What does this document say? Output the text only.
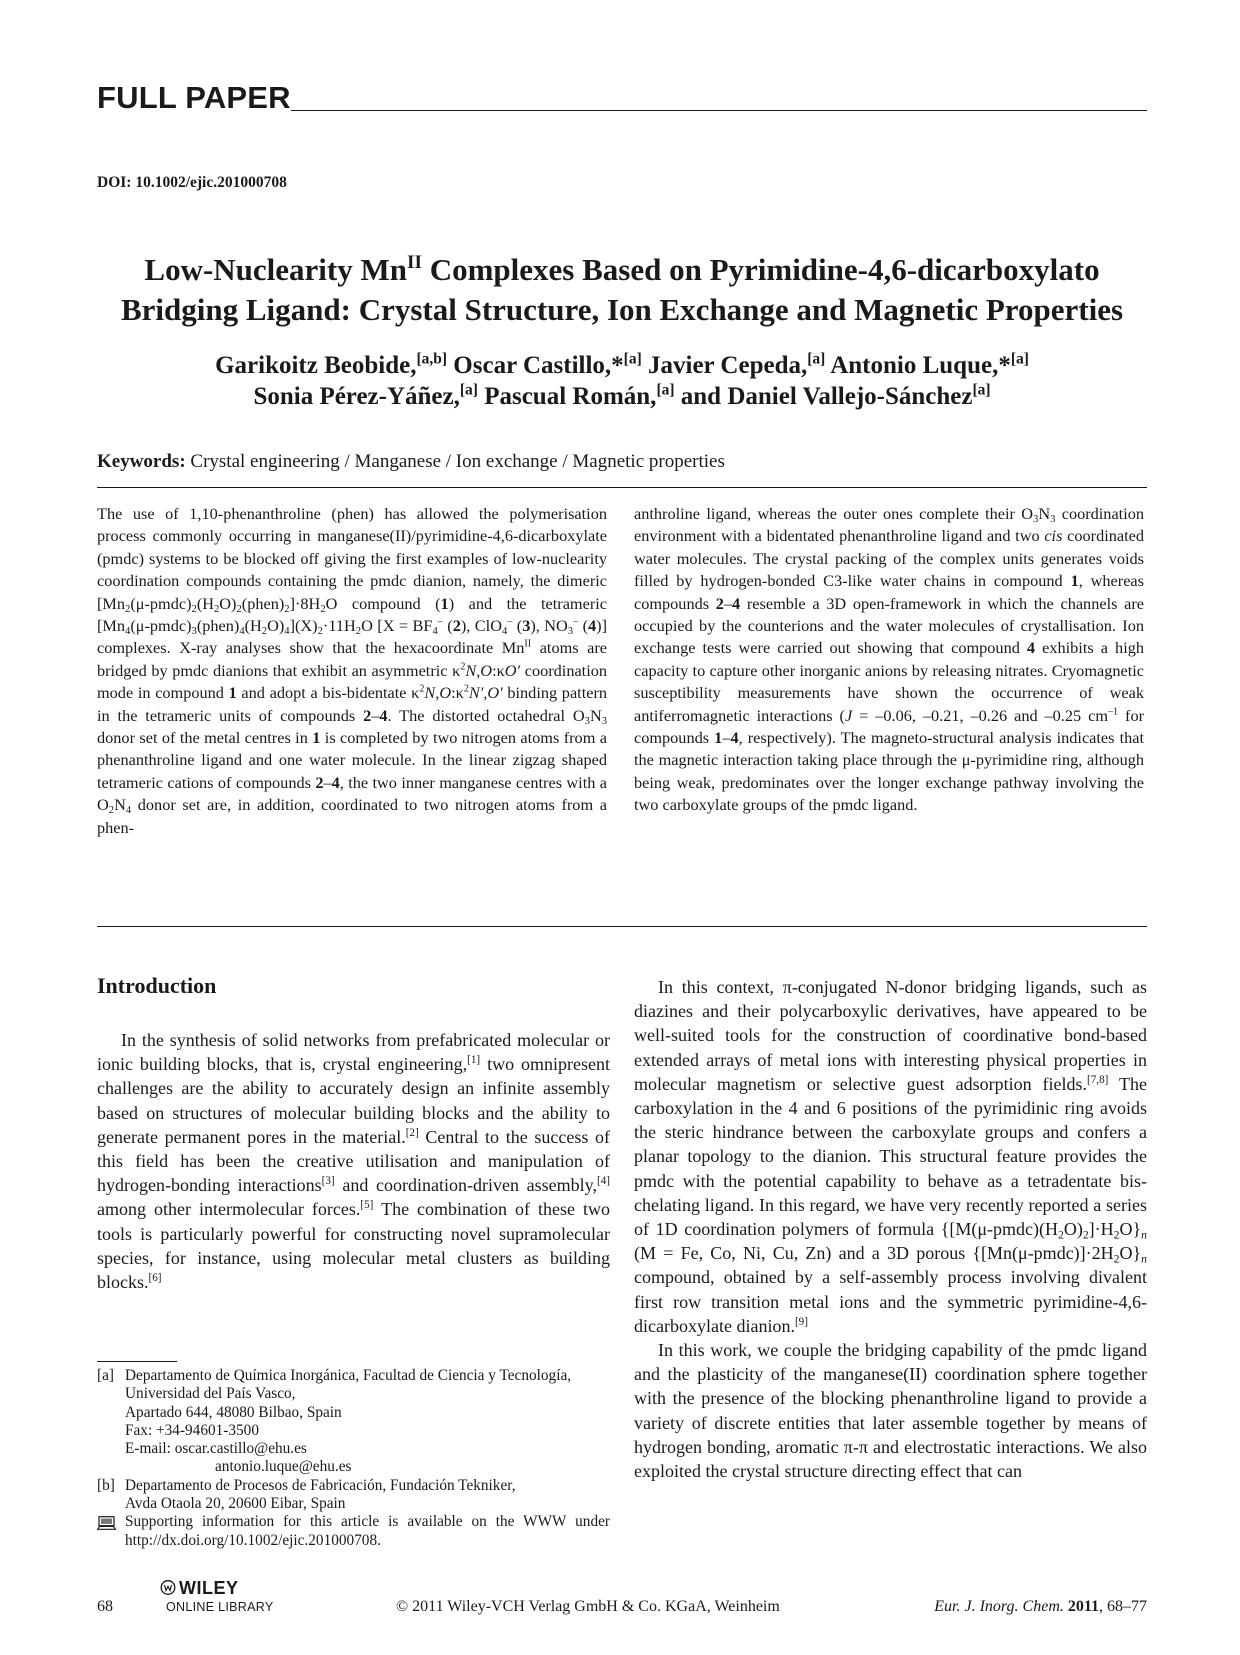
FULL PAPER
DOI: 10.1002/ejic.201000708
Low-Nuclearity $Mn^{II}$ Complexes Based on Pyrimidine-4,6-dicarboxylato
Bridging Ligand: Crystal Structure, Ion Exchange and Magnetic Properties
Garikoitz Beobide,[a,b] Oscar Castillo,*[a] Javier Cepeda,[a] Antonio Luque,*[a]
Sonia Pérez-Yáñez,[a] Pascual Román,[a] and Daniel Vallejo-Sánchez[a]
Keywords: Crystal engineering / Manganese / Ion exchange / Magnetic properties
The use of 1,10-phenanthroline (phen) has allowed the polymerisation process commonly occurring in manganese(II)/pyrimidine-4,6-dicarboxylate (pmdc) systems to be blocked off giving the first examples of low-nuclearity coordination compounds containing the pmdc dianion, namely, the dimeric $[Mn_2(\mu-pmdc)_2(H_2O)_2(phen)_2]\cdot 8H_2O$ compound (1) and the tetrameric $[Mn_4(\mu-pmdc)_3(phen)_4(H_2O)_4](X)_2\cdot 11H_2O$ [$X = BF_4^-$ (2), ClO$_4$– (3), $NO_3^-$ (4)] complexes. X-ray analyses show that the hexacoordinate $Mn^{II}$ atoms are bridged by pmdc dianions that exhibit an asymmetric $\kappa^2N,O:\kappa O'$ coordination mode in compound 1 and adopt a bis-bidentate $\kappa^2N,O:\kappa^2N',O'$ binding pattern in the tetrameric units of compounds 2–4. The distorted octahedral $O_3N_3$ donor set of the metal centres in 1 is completed by two nitrogen atoms from a phenanthroline ligand and one water molecule. In the linear zigzag shaped tetrameric cations of compounds 2–4, the two inner manganese centres with a $O_2N_4$ donor set are, in addition, coordinated to two nitrogen atoms from a phen-
anthroline ligand, whereas the outer ones complete their $O_3N_3$ coordination environment with a bidentated phenanthroline ligand and two cis coordinated water molecules. The crystal packing of the complex units generates voids filled by hydrogen-bonded C3-like water chains in compound 1, whereas compounds 2–4 resemble a 3D open-framework in which the channels are occupied by the counterions and the water molecules of crystallisation. Ion exchange tests were carried out showing that compound 4 exhibits a high capacity to capture other inorganic anions by releasing nitrates. Cryomagnetic susceptibility measurements have shown the occurrence of weak antiferromagnetic interactions (J = –0.06, –0.21, –0.26 and –0.25 $cm^{-1}$ for compounds 1–4, respectively). The magneto-structural analysis indicates that the magnetic interaction taking place through the μ-pyrimidine ring, although being weak, predominates over the longer exchange pathway involving the two carboxylate groups of the pmdc ligand.
Introduction

In the synthesis of solid networks from prefabricated molecular or ionic building blocks, that is, crystal engineering,[1] two omnipresent challenges are the ability to accurately design an infinite assembly based on structures of molecular building blocks and the ability to generate permanent pores in the material.[2] Central to the success of this field has been the creative utilisation and manipulation of hydrogen-bonding interactions[3] and coordination-driven assembly,[4] among other intermolecular forces.[5] The combination of these two tools is particularly powerful for constructing novel supramolecular species, for instance, using molecular metal clusters as building blocks.[6]

In this context, π-conjugated N-donor bridging ligands, such as diazines and their polycarboxylic derivatives, have appeared to be well-suited tools for the construction of coordinative bond-based extended arrays of metal ions with interesting physical properties in molecular magnetism or selective guest adsorption fields.[7,8] The carboxylation in the 4 and 6 positions of the pyrimidinic ring avoids the steric hindrance between the carboxylate groups and confers a planar topology to the dianion. This structural feature provides the pmdc with the potential capability to behave as a tetradentate bis-chelating ligand. In this regard, we have very recently reported a series of 1D coordination polymers of formula $\{[M(\mu-pmdc)(H_2O)_2]\cdot H_2O\}_n$ (M = Fe, Co, Ni, Cu, Zn) and a 3D porous $\{[Mn(\mu-pmdc)]\cdot 2H_2O\}_n$ compound, obtained by a self-assembly process involving divalent first row transition metal ions and the symmetric pyrimidine-4,6-dicarboxylate dianion.[9]

In this work, we couple the bridging capability of the pmdc ligand and the plasticity of the manganese(II) coordination sphere together with the presence of the blocking phenanthroline ligand to provide a variety of discrete entities that later assemble together by means of hydrogen bonding, aromatic π-π and electrostatic interactions. We also exploited the crystal structure directing effect that can

[a] Departamento de Química Inorgánica, Facultad de Ciencia y Tecnología, Universidad del País Vasco,
Apartado 644, 48080 Bilbao, Spain
Fax: +34-94601-3500
E-mail: oscar.castillo@ehu.es
antonio.luque@ehu.es
[b] Departamento de Procesos de Fabricación, Fundación Tekniker,
Avda Otaola 20, 20600 Eibar, Spain
Supporting information for this article is available on the WWW under http://dx.doi.org/10.1002/ejic.201000708.
68
WILEY
ONLINE LIBRARY	© 2011 Wiley-VCH Verlag GmbH & Co. KGaA, Weinheim	Eur. J. Inorg. Chem. 2011, 68–77
